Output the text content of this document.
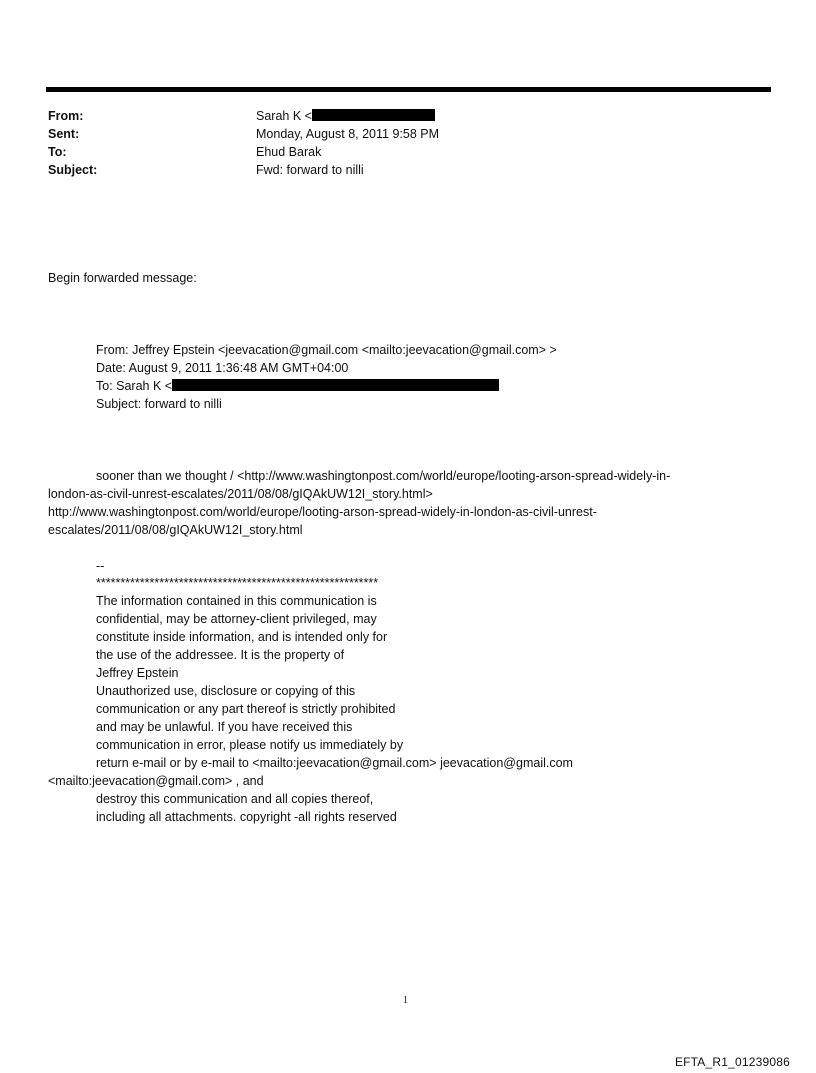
From:	Sarah K <
Sent:	Monday, August 8, 2011 9:58 PM
To:	Ehud Barak
Subject:	Fwd: forward to nilli
Begin forwarded message:
From: Jeffrey Epstein <jeevacation@gmail.com <mailto:jeevacation@gmail.com> >
Date: August 9, 2011 1:36:48 AM GMT+04:00
To: Sarah K <
Subject: forward to nilli
sooner than we thought / <http://www.washingtonpost.com/world/europe/looting-arson-spread-widely-in-
london-as-civil-unrest-escalates/2011/08/08/gIQAkUW12I_story.html>
http://www.washingtonpost.com/world/europe/looting-arson-spread-widely-in-london-as-civil-unrest-
escalates/2011/08/08/gIQAkUW12I_story.html
--
**********************************************************
The information contained in this communication is
confidential, may be attorney-client privileged, may
constitute inside information, and is intended only for
the use of the addressee. It is the property of
Jeffrey Epstein
Unauthorized use, disclosure or copying of this
communication or any part thereof is strictly prohibited
and may be unlawful. If you have received this
communication in error, please notify us immediately by
return e-mail or by e-mail to <mailto:jeevacation@gmail.com> jeevacation@gmail.com
<mailto:jeevacation@gmail.com> , and
destroy this communication and all copies thereof,
including all attachments. copyright -all rights reserved
1
EFTA_R1_01239086
